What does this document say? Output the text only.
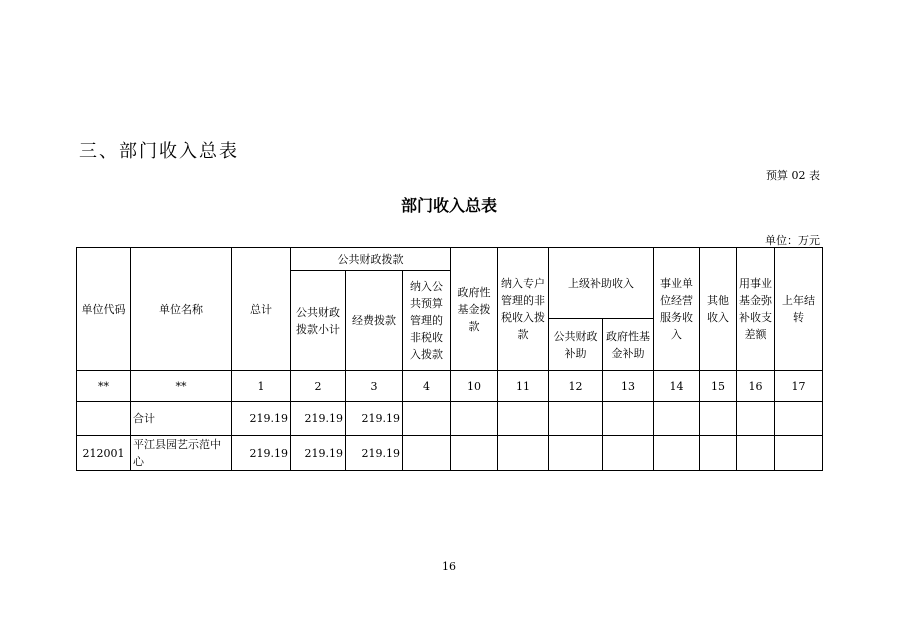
三、部门收入总表
预算 02 表
部门收入总表
单位：万元
单位代码	单位名称	总计	公共财政拨款			政府性基金拨款	纳入专户管理的非税收入拨款	上级补助收入		事业单位经营服务收入	其他收入	用事业基金弥补收支差额	上年结转
			公共财政拨款小计	经费拨款	纳入公共预算管理的非税收入拨款								
								公共财政补助	政府性基金补助				
**	**	1	2	3	4	10	11	12	13	14	15	16	17
	合计	219.19	219.19	219.19									
212001	平江县园艺示范中心	219.19	219.19	219.19									
16
